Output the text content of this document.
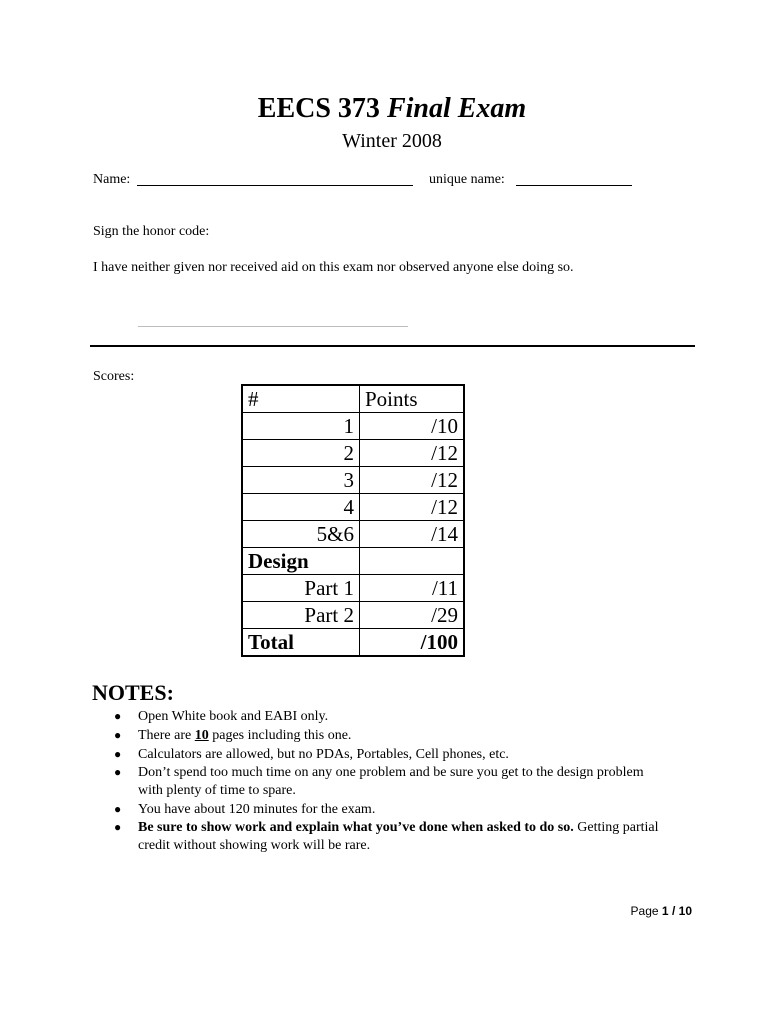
EECS 373 Final Exam
Winter 2008
Name:	unique name:
Sign the honor code:
I have neither given nor received aid on this exam nor observed anyone else doing so.
Scores:
#	Points
1	/10
2	/12
3	/12
4	/12
5&6	/14
Design	
Part 1	/11
Part 2	/29
Total	/100
NOTES:
● Open White book and EABI only.
● There are 10 pages including this one.
● Calculators are allowed, but no PDAs, Portables, Cell phones, etc.
● Don’t spend too much time on any one problem and be sure you get to the design problem with plenty of time to spare.
● You have about 120 minutes for the exam.
● Be sure to show work and explain what you’ve done when asked to do so. Getting partial credit without showing work will be rare.
Page 1 / 10
